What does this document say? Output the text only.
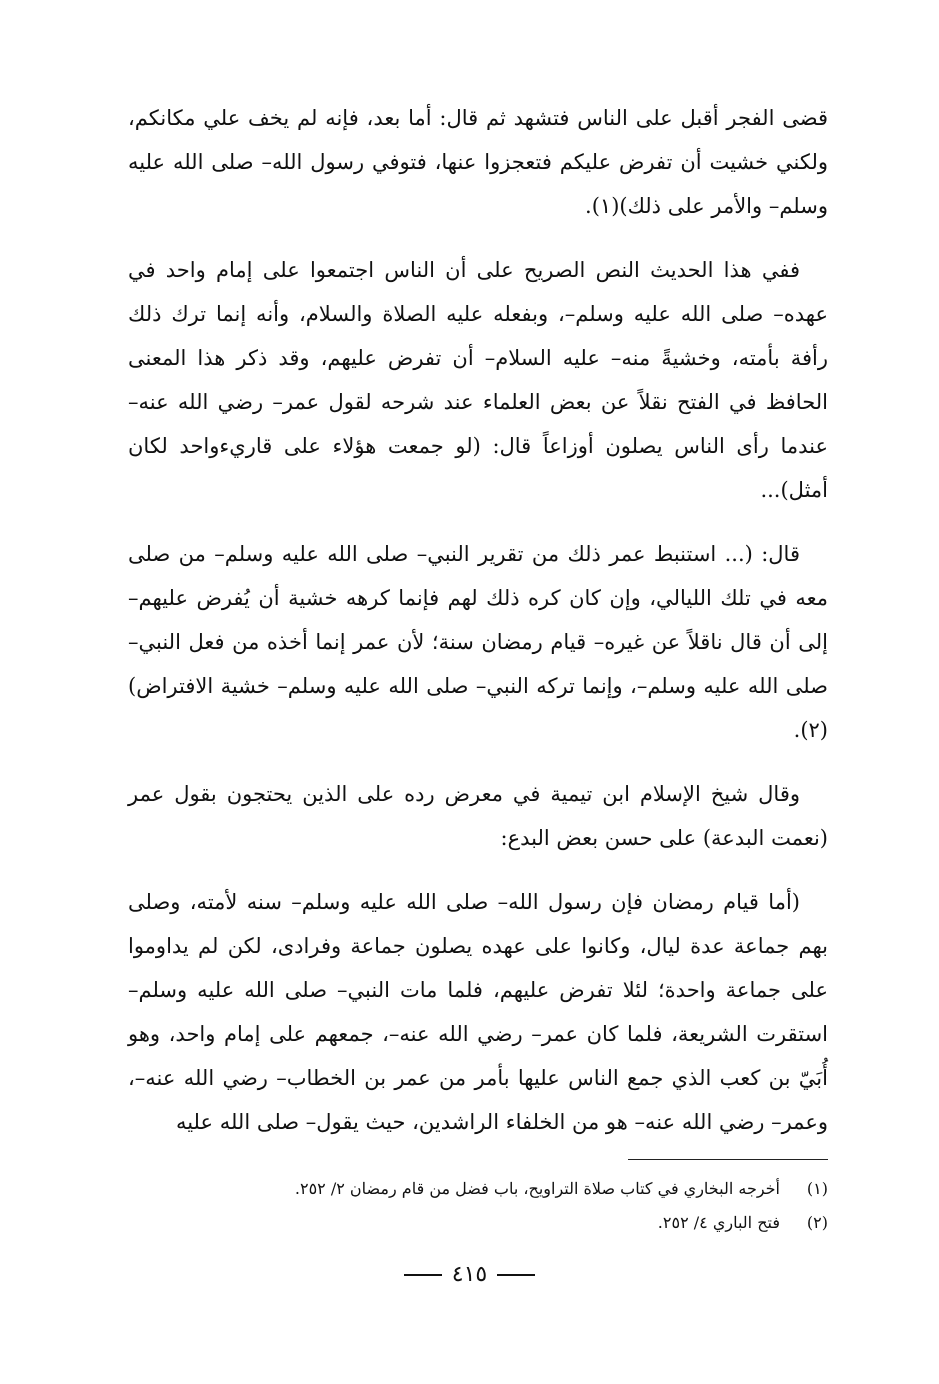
قضى الفجر أقبل على الناس فتشهد ثم قال: أما بعد، فإنه لم يخف علي مكانكم، ولكني خشيت أن تفرض عليكم فتعجزوا عنها، فتوفي رسول الله– صلى الله عليه وسلم– والأمر على ذلك)(١).

ففي هذا الحديث النص الصريح على أن الناس اجتمعوا على إمام واحد في عهده– صلى الله عليه وسلم–، وبفعله عليه الصلاة والسلام، وأنه إنما ترك ذلك رأفة بأمته، وخشيةً منه– عليه السلام– أن تفرض عليهم، وقد ذكر هذا المعنى الحافظ في الفتح نقلاً عن بعض العلماء عند شرحه لقول عمر– رضي الله عنه– عندما رأى الناس يصلون أوزاعاً قال: (لو جمعت هؤلاء على قاريءواحد لكان أمثل)...

قال: (... استنبط عمر ذلك من تقرير النبي– صلى الله عليه وسلم– من صلى معه في تلك الليالي، وإن كان كره ذلك لهم فإنما كرهه خشية أن يُفرض عليهم– إلى أن قال ناقلاً عن غيره– قيام رمضان سنة؛ لأن عمر إنما أخذه من فعل النبي– صلى الله عليه وسلم–، وإنما تركه النبي– صلى الله عليه وسلم– خشية الافتراض)(٢).

وقال شيخ الإسلام ابن تيمية في معرض رده على الذين يحتجون بقول عمر (نعمت البدعة) على حسن بعض البدع:

(أما قيام رمضان فإن رسول الله– صلى الله عليه وسلم– سنه لأمته، وصلى بهم جماعة عدة ليال، وكانوا على عهده يصلون جماعة وفرادى، لكن لم يداوموا على جماعة واحدة؛ لئلا تفرض عليهم، فلما مات النبي– صلى الله عليه وسلم– استقرت الشريعة، فلما كان عمر– رضي الله عنه–، جمعهم على إمام واحد، وهو أُبَيّ بن كعب الذي جمع الناس عليها بأمر من عمر بن الخطاب– رضي الله عنه–، وعمر– رضي الله عنه– هو من الخلفاء الراشدين، حيث يقول– صلى الله عليه

(١)
أخرجه البخاري في كتاب صلاة التراويح، باب فضل من قام رمضان ٢/ ٢٥٢.
(٢)
فتح الباري ٤/ ٢٥٢.
٤١٥
